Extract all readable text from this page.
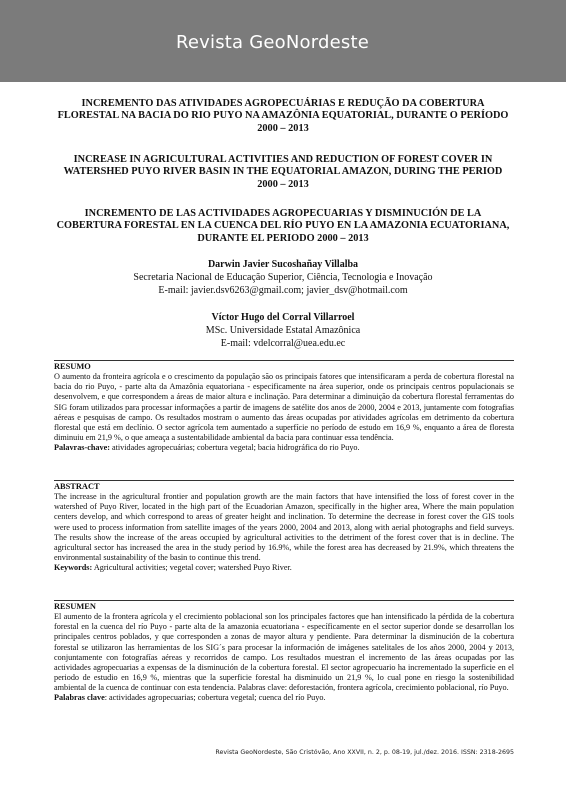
Revista GeoNordeste
INCREMENTO DAS ATIVIDADES AGROPECUÁRIAS E REDUÇÃO DA COBERTURA FLORESTAL NA BACIA DO RIO PUYO NA AMAZÔNIA EQUATORIAL, DURANTE O PERÍODO 2000 – 2013
INCREASE IN AGRICULTURAL ACTIVITIES AND REDUCTION OF FOREST COVER IN WATERSHED PUYO RIVER BASIN IN THE EQUATORIAL AMAZON, DURING THE PERIOD 2000 – 2013
INCREMENTO DE LAS ACTIVIDADES AGROPECUARIAS Y DISMINUCIÓN DE LA COBERTURA FORESTAL EN LA CUENCA DEL RÍO PUYO EN LA AMAZONIA ECUATORIANA, DURANTE EL PERIODO 2000 – 2013
Darwin Javier Sucoshañay Villalba
Secretaria Nacional de Educação Superior, Ciência, Tecnologia e Inovação
E-mail: javier.dsv6263@gmail.com; javier_dsv@hotmail.com
Víctor Hugo del Corral Villarroel
MSc. Universidade Estatal Amazônica
E-mail: vdelcorral@uea.edu.ec
RESUMO
O aumento da fronteira agrícola e o crescimento da população são os principais fatores que intensificaram a perda de cobertura florestal na bacia do rio Puyo, - parte alta da Amazônia equatoriana - especificamente na área superior, onde os principais centros populacionais se desenvolvem, e que correspondem a áreas de maior altura e inclinação. Para determinar a diminuição da cobertura florestal ferramentas do SIG foram utilizados para processar informações a partir de imagens de satélite dos anos de 2000, 2004 e 2013, juntamente com fotografias aéreas e pesquisas de campo. Os resultados mostram o aumento das áreas ocupadas por atividades agrícolas em detrimento da cobertura florestal que está em declínio. O sector agrícola tem aumentado a superfície no período de estudo em 16,9 %, enquanto a área de floresta diminuiu em 21,9 %, o que ameaça a sustentabilidade ambiental da bacia para continuar essa tendência.
Palavras-chave: atividades agropecuárias; cobertura vegetal; bacia hidrográfica do rio Puyo.
ABSTRACT
The increase in the agricultural frontier and population growth are the main factors that have intensified the loss of forest cover in the watershed of Puyo River, located in the high part of the Ecuadorian Amazon, specifically in the higher area, Where the main population centers develop, and which correspond to areas of greater height and inclination. To determine the decrease in forest cover the GIS tools were used to process information from satellite images of the years 2000, 2004 and 2013, along with aerial photographs and field surveys. The results show the increase of the areas occupied by agricultural activities to the detriment of the forest cover that is in decline. The agricultural sector has increased the area in the study period by 16.9%, while the forest area has decreased by 21.9%, which threatens the environmental sustainability of the basin to continue this trend.
Keywords: Agricultural activities; vegetal cover; watershed Puyo River.
RESUMEN
El aumento de la frontera agrícola y el crecimiento poblacional son los principales factores que han intensificado la pérdida de la cobertura forestal en la cuenca del río Puyo - parte alta de la amazonia ecuatoriana - específicamente en el sector superior donde se desarrollan los principales centros poblados, y que corresponden a zonas de mayor altura y pendiente. Para determinar la disminución de la cobertura forestal se utilizaron las herramientas de los SIG´s para procesar la información de imágenes satelitales de los años 2000, 2004 y 2013, conjuntamente con fotografías aéreas y recorridos de campo. Los resultados muestran el incremento de las áreas ocupadas por las actividades agropecuarias a expensas de la disminución de la cobertura forestal. El sector agropecuario ha incrementado la superficie en el periodo de estudio en 16,9 %, mientras que la superficie forestal ha disminuido un 21,9 %, lo cual pone en riesgo la sostenibilidad ambiental de la cuenca de continuar con esta tendencia. Palabras clave: deforestación, frontera agrícola, crecimiento poblacional, río Puyo.
Palabras clave: actividades agropecuarias; cobertura vegetal; cuenca del río Puyo.
Revista GeoNordeste, São Cristóvão, Ano XXVII, n. 2, p. 08-19, jul./dez. 2016. ISSN: 2318-2695
